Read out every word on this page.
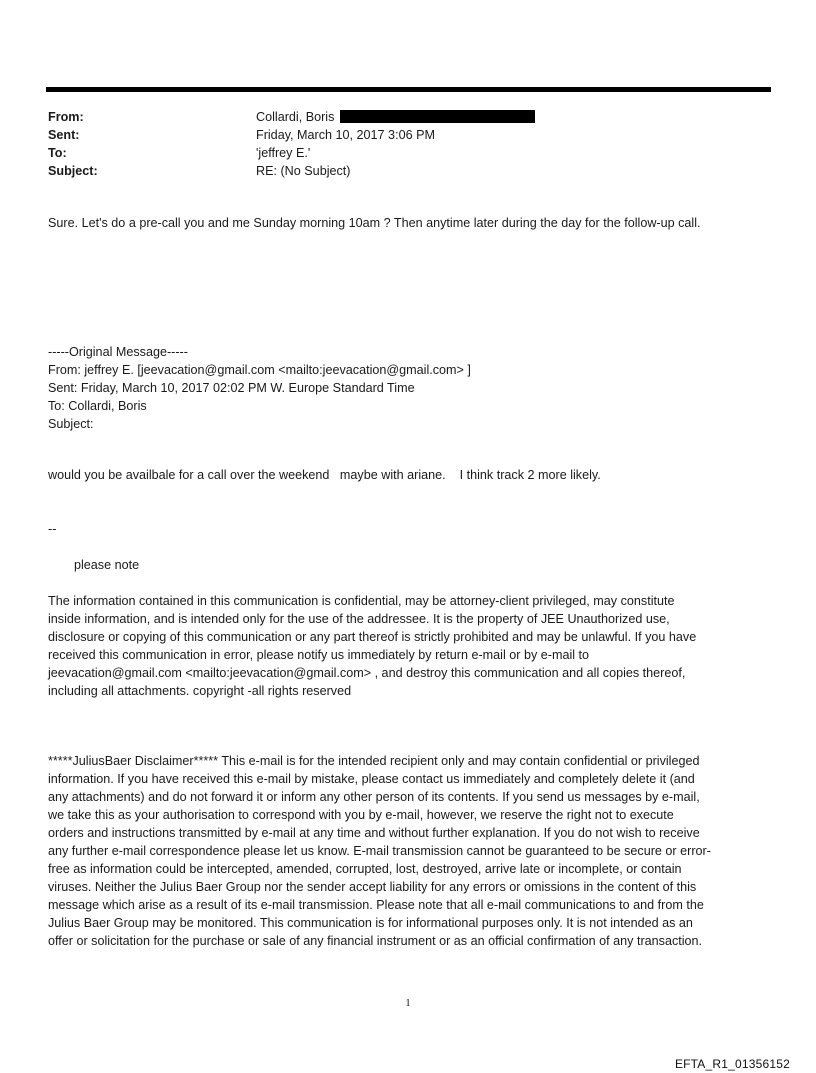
From:	Collardi, Boris
Sent:	Friday, March 10, 2017 3:06 PM
To:	'jeffrey E.'
Subject:	RE: (No Subject)
Sure. Let's do a pre-call you and me Sunday morning 10am ? Then anytime later during the day for the follow-up call.
-----Original Message-----
From: jeffrey E. [jeevacation@gmail.com <mailto:jeevacation@gmail.com> ]
Sent: Friday, March 10, 2017 02:02 PM W. Europe Standard Time
To: Collardi, Boris
Subject:
would you be availbale for a call over the weekend   maybe with ariane.    I think track 2 more likely.
--
please note
The information contained in this communication is confidential, may be attorney-client privileged, may constitute
inside information, and is intended only for the use of the addressee. It is the property of JEE Unauthorized use,
disclosure or copying of this communication or any part thereof is strictly prohibited and may be unlawful. If you have
received this communication in error, please notify us immediately by return e-mail or by e-mail to
jeevacation@gmail.com <mailto:jeevacation@gmail.com> , and destroy this communication and all copies thereof,
including all attachments. copyright -all rights reserved
*****JuliusBaer Disclaimer***** This e-mail is for the intended recipient only and may contain confidential or privileged
information. If you have received this e-mail by mistake, please contact us immediately and completely delete it (and
any attachments) and do not forward it or inform any other person of its contents. If you send us messages by e-mail,
we take this as your authorisation to correspond with you by e-mail, however, we reserve the right not to execute
orders and instructions transmitted by e-mail at any time and without further explanation. If you do not wish to receive
any further e-mail correspondence please let us know. E-mail transmission cannot be guaranteed to be secure or error-
free as information could be intercepted, amended, corrupted, lost, destroyed, arrive late or incomplete, or contain
viruses. Neither the Julius Baer Group nor the sender accept liability for any errors or omissions in the content of this
message which arise as a result of its e-mail transmission. Please note that all e-mail communications to and from the
Julius Baer Group may be monitored. This communication is for informational purposes only. It is not intended as an
offer or solicitation for the purchase or sale of any financial instrument or as an official confirmation of any transaction.
1
EFTA_R1_01356152
